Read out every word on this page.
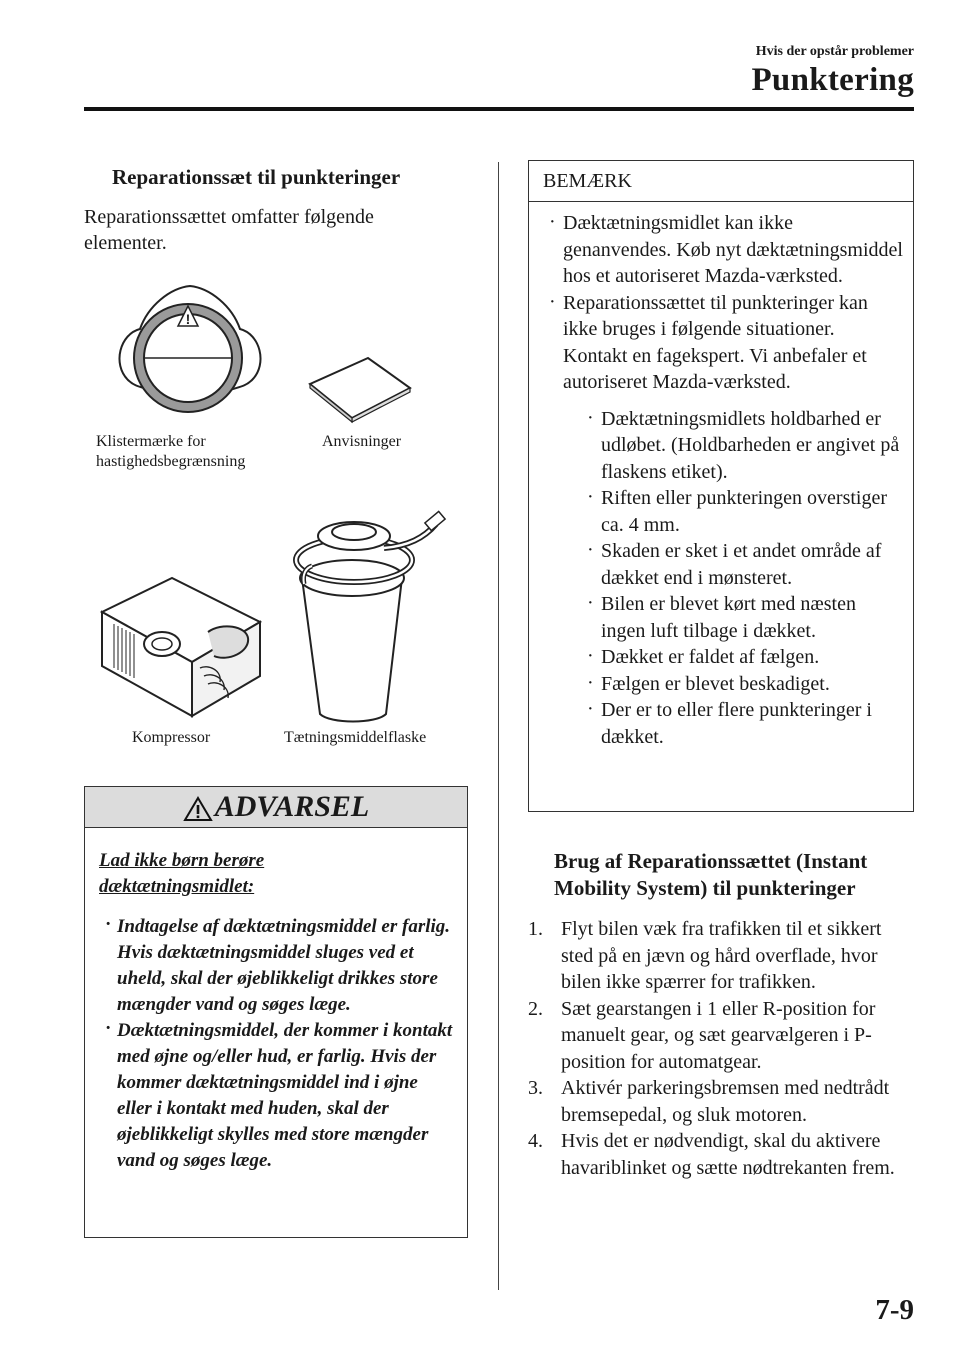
Hvis der opstår problemer
Punktering
Reparationssæt til punkteringer
Reparationssættet omfatter følgende elementer.
!
Klistermærke for
hastighedsbegrænsning
Anvisninger
Kompressor	Tætningsmiddelflaske
ADVARSEL
Lad ikke børn berøre
dæktætningsmidlet:
· Indtagelse af dæktætningsmiddel er farlig. Hvis dæktætningsmiddel sluges ved et uheld, skal der øjeblikkeligt drikkes store mængder vand og søges læge.
· Dæktætningsmiddel, der kommer i kontakt med øjne og/eller hud, er farlig. Hvis der kommer dæktætningsmiddel ind i øjne eller i kontakt med huden, skal der øjeblikkeligt skylles med store mængder vand og søges læge.
BEMÆRK
· Dæktætningsmidlet kan ikke genanvendes. Køb nyt dæktætningsmiddel hos et autoriseret Mazda-værksted.
· Reparationssættet til punkteringer kan ikke bruges i følgende situationer.
Kontakt en fagekspert. Vi anbefaler et autoriseret Mazda-værksted.
· Dæktætningsmidlets holdbarhed er udløbet. (Holdbarheden er angivet på flaskens etiket).
· Riften eller punkteringen overstiger ca. 4 mm.
· Skaden er sket i et andet område af dækket end i mønsteret.
· Bilen er blevet kørt med næsten ingen luft tilbage i dækket.
· Dækket er faldet af fælgen.
· Fælgen er blevet beskadiget.
· Der er to eller flere punkteringer i dækket.
Brug af Reparationssættet (Instant
Mobility System) til punkteringer
1. Flyt bilen væk fra trafikken til et sikkert sted på en jævn og hård overflade, hvor bilen ikke spærrer for trafikken.
2. Sæt gearstangen i 1 eller R-position for manuelt gear, og sæt gearvælgeren i P-position for automatgear.
3. Aktivér parkeringsbremsen med nedtrådt bremsepedal, og sluk motoren.
4. Hvis det er nødvendigt, skal du aktivere havariblinket og sætte nødtrekanten frem.
7-9
